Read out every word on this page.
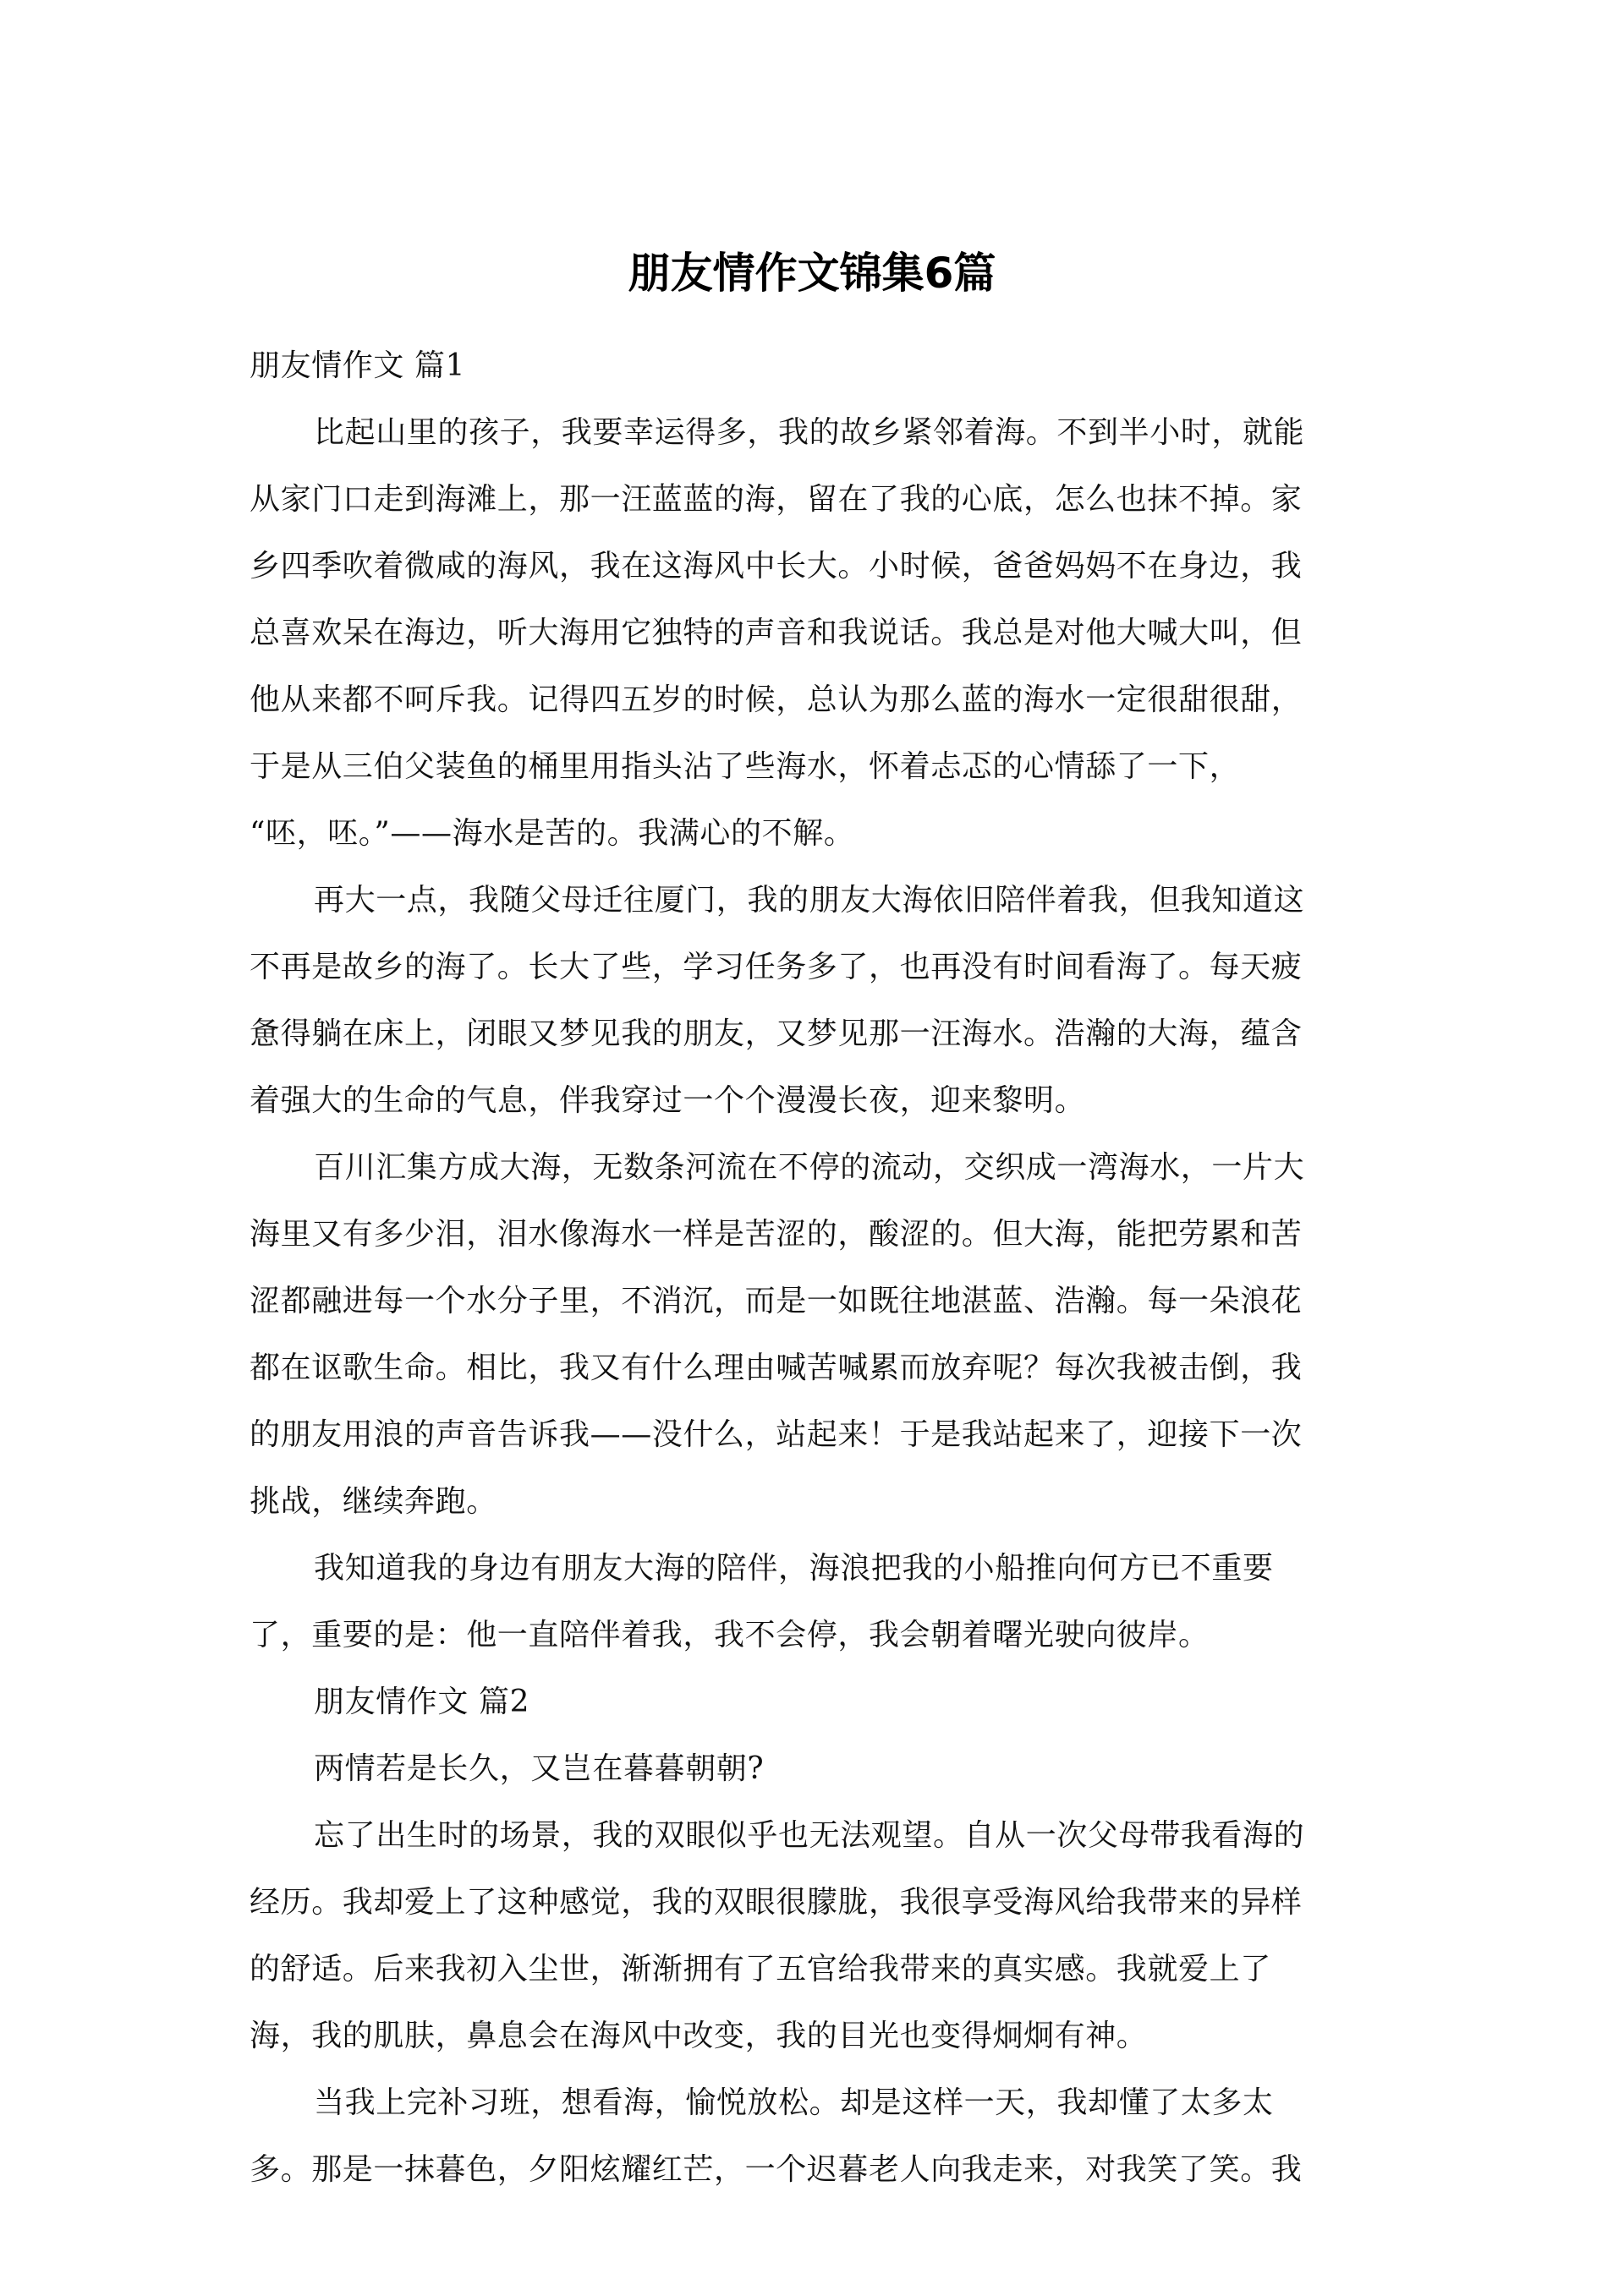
朋友情作文锦集6篇
朋友情作文 篇1
比起山里的孩子，我要幸运得多，我的故乡紧邻着海。不到半小时，就能
从家门口走到海滩上，那一汪蓝蓝的海，留在了我的心底，怎么也抹不掉。家
乡四季吹着微咸的海风，我在这海风中长大。小时候，爸爸妈妈不在身边，我
总喜欢呆在海边，听大海用它独特的声音和我说话。我总是对他大喊大叫，但
他从来都不呵斥我。记得四五岁的时候，总认为那么蓝的海水一定很甜很甜，
于是从三伯父装鱼的桶里用指头沾了些海水，怀着忐忑的心情舔了一下，
“呸，呸。”——海水是苦的。我满心的不解。
再大一点，我随父母迁往厦门，我的朋友大海依旧陪伴着我，但我知道这
不再是故乡的海了。长大了些，学习任务多了，也再没有时间看海了。每天疲
惫得躺在床上，闭眼又梦见我的朋友，又梦见那一汪海水。浩瀚的大海，蕴含
着强大的生命的气息，伴我穿过一个个漫漫长夜，迎来黎明。
百川汇集方成大海，无数条河流在不停的流动，交织成一湾海水，一片大
海里又有多少泪，泪水像海水一样是苦涩的，酸涩的。但大海，能把劳累和苦
涩都融进每一个水分子里，不消沉，而是一如既往地湛蓝、浩瀚。每一朵浪花
都在讴歌生命。相比，我又有什么理由喊苦喊累而放弃呢？每次我被击倒，我
的朋友用浪的声音告诉我——没什么，站起来！于是我站起来了，迎接下一次
挑战，继续奔跑。
我知道我的身边有朋友大海的陪伴，海浪把我的小船推向何方已不重要
了，重要的是：他一直陪伴着我，我不会停，我会朝着曙光驶向彼岸。
朋友情作文 篇2
两情若是长久，又岂在暮暮朝朝?
忘了出生时的场景，我的双眼似乎也无法观望。自从一次父母带我看海的
经历。我却爱上了这种感觉，我的双眼很朦胧，我很享受海风给我带来的异样
的舒适。后来我初入尘世，渐渐拥有了五官给我带来的真实感。我就爱上了
海，我的肌肤，鼻息会在海风中改变，我的目光也变得炯炯有神。
当我上完补习班，想看海，愉悦放松。却是这样一天，我却懂了太多太
多。那是一抹暮色，夕阳炫耀红芒，一个迟暮老人向我走来，对我笑了笑。我
